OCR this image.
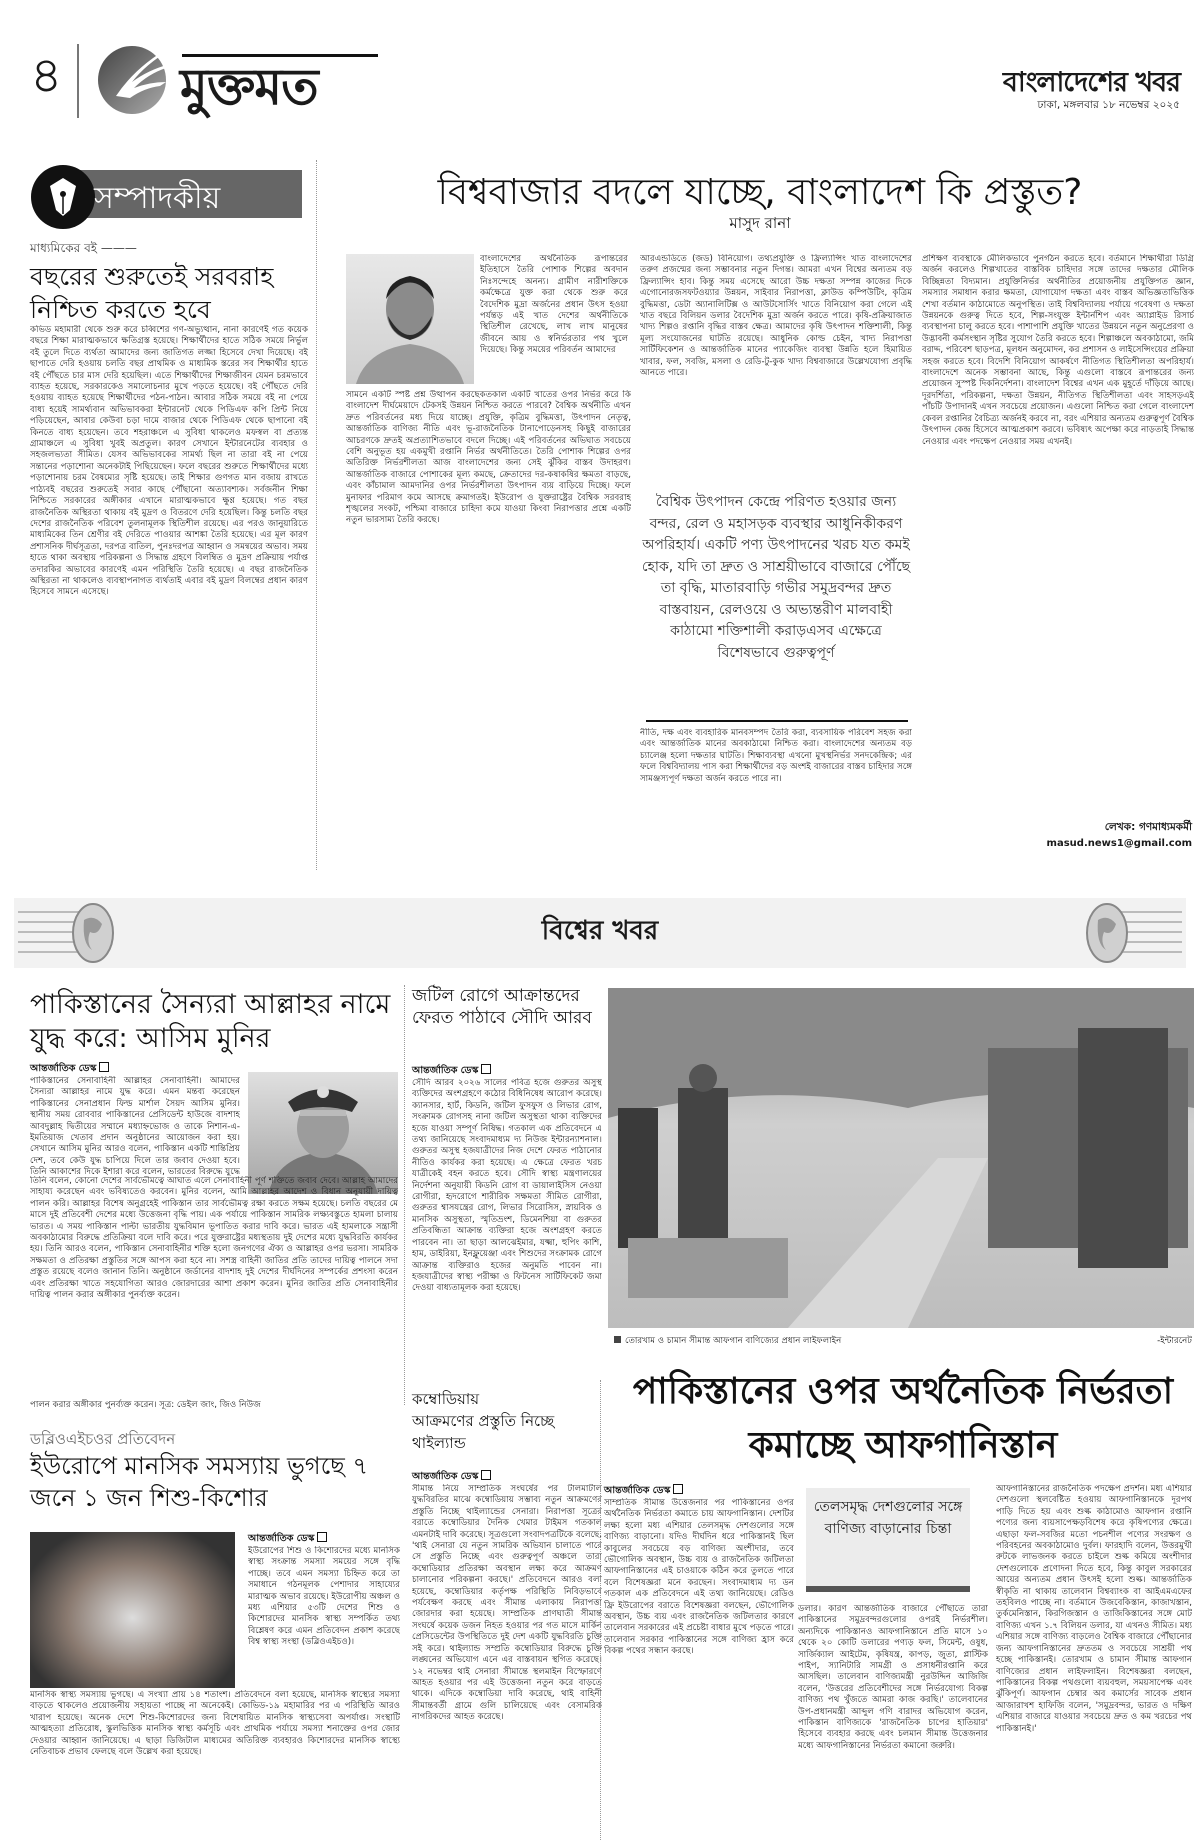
৪ মুক্তমত	বাংলাদেশের খবর
ঢাকা, মঙ্গলবার ১৮ নভেম্বর ২০২৫
সম্পাদকীয়
মাধ্যমিকের বই ———
বছরের শুরুতেই সরবরাহ নিশ্চিত করতে হবে
কভিড মহামারী থেকে শুরু করে চব্বিশের গণ-অভ্যুত্থান, নানা কারণেই গত কয়েক বছরে শিক্ষা মারাত্মকভাবে ক্ষতিগ্রস্ত হয়েছে। শিক্ষার্থীদের হাতে সঠিক সময়ে নির্ভুল বই তুলে দিতে ব্যর্থতা আমাদের জন্য জাতিগত লজ্জা হিসেবে দেখা দিয়েছে। বই ছাপাতে দেরি হওয়ায় চলতি বছর প্রাথমিক ও মাধ্যমিক স্তরের সব শিক্ষার্থীর হাতে বই পৌঁছতে চার মাস দেরি হয়েছিল। এতে শিক্ষার্থীদের শিক্ষাজীবন যেমন চরমভাবে ব্যাহত হয়েছে, সরকারকেও সমালোচনার মুখে পড়তে হয়েছে। বই পৌঁছতে দেরি হওয়ায় ব্যাহত হয়েছে শিক্ষার্থীদের পঠন-পাঠন। আবার সঠিক সময়ে বই না পেয়ে বাধ্য হয়েই সামর্থ্যবান অভিভাবকরা ইন্টারনেট থেকে পিডিএফ কপি প্রিন্ট নিয়ে পড়িয়েছেন, আবার কেউবা চড়া দামে বাজার থেকে পিডিএফ থেকে ছাপানো বই কিনতে বাধ্য হয়েছেন। তবে শহরাঞ্চলে এ সুবিধা থাকলেও মফস্বল বা প্রত্যন্ত গ্রামাঞ্চলে এ সুবিধা খুবই অপ্রতুল। কারণ সেখানে ইন্টারনেটের ব্যবহার ও সহজলভ্যতা সীমিত। যেসব অভিভাবকের সামর্থ্য ছিল না তারা বই না পেয়ে সন্তানের পড়াশোনা অনেকটাই পিছিয়েছেন। ফলে বছরের শুরুতে শিক্ষার্থীদের মধ্যে পড়াশোনায় চরম বৈষম্যের সৃষ্টি হয়েছে। তাই শিক্ষার গুণগত মান বজায় রাখতে পাঠ্যবই বছরের শুরুতেই সবার কাছে পৌঁছানো অত্যাবশ্যক। সর্বজনীন শিক্ষা নিশ্চিতে সরকারের অঙ্গীকার এখানে মারাত্মকভাবে ক্ষুণ্ণ হয়েছে। গত বছর রাজনৈতিক অস্থিরতা থাকায় বই মুদ্রণ ও বিতরণে দেরি হয়েছিল। কিন্তু চলতি বছর দেশের রাজনৈতিক পরিবেশ তুলনামূলক স্থিতিশীল রয়েছে। এর পরও জানুয়ারিতে মাধ্যমিকের তিন শ্রেণীর বই দেরিতে পাওয়ার আশঙ্কা তৈরি হয়েছে। এর মূল কারণ প্রশাসনিক দীর্ঘসূত্রতা, দরপত্র বাতিল, পুনঃদরপত্র আহ্বান ও সমন্বয়ের অভাব। সময় হাতে থাকা অবস্থায় পরিকল্পনা ও সিদ্ধান্ত গ্রহণে বিলম্বিত ও মুদ্রণ প্রক্রিয়ায় পর্যাপ্ত তদারকির অভাবের কারণেই এমন পরিস্থিতি তৈরি হয়েছে। এ বছর রাজনৈতিক অস্থিরতা না থাকলেও ব্যবস্থাপনাগত ব্যর্থতাই এবার বই মুদ্রণ বিলম্বের প্রধান কারণ হিসেবে সামনে এসেছে।
বিশ্ববাজার বদলে যাচ্ছে, বাংলাদেশ কি প্রস্তুত?
মাসুদ রানা
বাংলাদেশের অর্থনৈতিক রূপান্তরের ইতিহাসে তৈরি পোশাক শিল্পের অবদান নিঃসন্দেহে অনন্য। গ্রামীণ নারীশক্তিকে কর্মক্ষেত্রে যুক্ত করা থেকে শুরু করে বৈদেশিক মুদ্রা অর্জনের প্রধান উৎস হওয়া পর্যন্তড় এই খাত দেশের অর্থনীতিকে স্থিতিশীল রেখেছে, লাখ লাখ মানুষের জীবনে আয় ও স্বনির্ভরতার পথ খুলে দিয়েছে। কিন্তু সময়ের পরিবর্তন আমাদের
সামনে একটি স্পষ্ট প্রশ্ন উত্থাপন করছেকতকাল একটি খাতের ওপর নির্ভর করে কি বাংলাদেশ দীর্ঘমেয়াদে টেকসই উন্নয়ন নিশ্চিত করতে পারবে? বৈশ্বিক অর্থনীতি এখন দ্রুত পরিবর্তনের মধ্য দিয়ে যাচ্ছে। প্রযুক্তি, কৃত্রিম বুদ্ধিমত্তা, উৎপাদন নেতৃত্ব, আন্তর্জাতিক বাণিজ্য নীতি এবং ভূ-রাজনৈতিক টানাপোড়েনসহ কিছুই বাজারের আচরণকে দ্রুতই অপ্রত্যাশিতভাবে বদলে দিচ্ছে। এই পরিবর্তনের অভিঘাত সবচেয়ে বেশি অনুভূত হয় একমুখী রপ্তানি নির্ভর অর্থনীতিতে। তৈরি পোশাক শিল্পের ওপর অতিরিক্ত নির্ভরশীলতা আজ বাংলাদেশের জন্য সেই ঝুঁকির বাস্তব উদাহরণ। আন্তর্জাতিক বাজারে পোশাকের মূল্য কমছে, ক্রেতাদের দর-কষাকষির ক্ষমতা বাড়ছে, এবং কাঁচামাল আমদানির ওপর নির্ভরশীলতা উৎপাদন ব্যয় বাড়িয়ে দিচ্ছে। ফলে মুনাফার পরিমাণ কমে আসছে ক্রমাগতই। ইউরোপ ও যুক্তরাষ্ট্রের বৈশ্বিক সরবরাহ শৃঙ্খলের সংকট, পশ্চিমা বাজারে চাহিদা কমে যাওয়া কিংবা নিরাপত্তার প্রশ্নে একটি নতুন ভারসাম্য তৈরি করছে।
আরএন্ডডিতে (জড) বিনিয়োগ। তথ্যপ্রযুক্তি ও ফ্রিল্যান্সিং খাত বাংলাদেশের তরুণ প্রজন্মের জন্য সম্ভাবনার নতুন দিগন্ত। আমরা এখন বিশ্বের অন্যতম বড় ফ্রিল্যান্সিং হাব। কিন্তু সময় এসেছে আরো উচ্চ দক্ষতা সম্পন্ন কাজের দিকে এগোনোরজসফটওয়্যার উন্নয়ন, সাইবার নিরাপত্তা, ক্লাউড কম্পিউটিং, কৃত্রিম বুদ্ধিমত্তা, ডেটা অ্যানালিটিক্স ও আউটসোর্সিং খাতে বিনিয়োগ করা গেলে এই খাত বছরে বিলিয়ন ডলার বৈদেশিক মুদ্রা অর্জন করতে পারে। কৃষি-প্রক্রিয়াজাত খাদ্য শিল্পও রপ্তানি বৃদ্ধির বাস্তব ক্ষেত্র। আমাদের কৃষি উৎপাদন শক্তিশালী, কিন্তু মূল্য সংযোজনের ঘাটতি রয়েছে। আধুনিক কোল্ড চেইন, খাদ্য নিরাপত্তা সার্টিফিকেশন ও আন্তর্জাতিক মানের প্যাকেজিং ব্যবস্থা উন্নতি হলে হিমায়িত খাবার, ফল, সবজি, মসলা ও রেডি-টু-কুক খাদ্য বিশ্ববাজারে উল্লেখযোগ্য প্রবৃদ্ধি আনতে পারে।
বৈশ্বিক উৎপাদন কেন্দ্রে পরিণত হওয়ার জন্য বন্দর, রেল ও মহাসড়ক ব্যবস্থার আধুনিকীকরণ অপরিহার্য। একটি পণ্য উৎপাদনের খরচ যত কমই হোক, যদি তা দ্রুত ও সাশ্রয়ীভাবে বাজারে পৌঁছে তা বৃদ্ধি, মাতারবাড়ি গভীর সমুদ্রবন্দর দ্রুত বাস্তবায়ন, রেলওয়ে ও অভ্যন্তরীণ মালবাহী কাঠামো শক্তিশালী করাড়এসব এক্ষেত্রে বিশেষভাবে গুরুত্বপূর্ণ
নীতি, দক্ষ এবং ব্যবহারিক মানবসম্পদ তৈরি করা, ব্যবসায়িক পরিবেশ সহজ করা এবং আন্তর্জাতিক মানের অবকাঠামো নিশ্চিত করা। বাংলাদেশের অন্যতম বড় চ্যালেঞ্জ হলো দক্ষতার ঘাটতি। শিক্ষাব্যবস্থা এখনো মুখস্থনির্ভর সনদকেন্দ্রিক; এর ফলে বিশ্ববিদ্যালয় পাস করা শিক্ষার্থীদের বড় অংশই বাজারের বাস্তব চাহিদার সঙ্গে সামঞ্জস্যপূর্ণ দক্ষতা অর্জন করতে পারে না।
প্রশিক্ষণ ব্যবস্থাকে মৌলিকভাবে পুনর্গঠন করতে হবে। বর্তমানে শিক্ষার্থীরা ডিগ্রি অর্জন করলেও শিল্পখাতের বাস্তবিক চাহিদার সঙ্গে তাদের দক্ষতার মৌলিক বিচ্ছিন্নতা বিদ্যমান। প্রযুক্তিনির্ভর অর্থনীতির প্রয়োজনীয় প্রযুক্তিগত জ্ঞান, সমস্যার সমাধান করার ক্ষমতা, যোগাযোগ দক্ষতা এবং বাস্তব অভিজ্ঞতাভিত্তিক শেখা বর্তমান কাঠামোতে অনুপস্থিত। তাই বিশ্ববিদ্যালয় পর্যায়ে গবেষণা ও দক্ষতা উন্নয়নকে গুরুত্ব দিতে হবে, শিল্প-সংযুক্ত ইন্টার্নশিপ এবং অ্যাপ্লাইড রিসার্চ ব্যবস্থাপনা চালু করতে হবে। পাশাপাশি প্রযুক্তি খাতের উন্নয়নে নতুন অনুপ্রেরণা ও উদ্ভাবনী কর্মসংস্থান সৃষ্টির সুযোগ তৈরি করতে হবে। শিল্পাঞ্চলে অবকাঠামো, জমি বরাদ্দ, পরিবেশ ছাড়পত্র, মূলধন অনুমোদন, কর প্রশাসন ও লাইসেন্সিংয়ের প্রক্রিয়া সহজ করতে হবে। বিদেশি বিনিয়োগ আকর্ষণে নীতিগত স্থিতিশীলতা অপরিহার্য। বাংলাদেশে অনেক সম্ভাবনা আছে, কিন্তু এগুলো বাস্তবে রূপান্তরের জন্য প্রয়োজন সুস্পষ্ট দিকনির্দেশনা। বাংলাদেশ বিশ্বের এখন এক মুহূর্তে দাঁড়িয়ে আছে। দূরদর্শিতা, পরিকল্পনা, দক্ষতা উন্নয়ন, নীতিগত স্থিতিশীলতা এবং সাহসড়এই পাঁচটি উপাদানই এখন সবচেয়ে প্রয়োজন। এগুলো নিশ্চিত করা গেলে বাংলাদেশ কেবল রপ্তানির বৈচিত্র্য অর্জনই করবে না, বরং এশিয়ার অন্যতম গুরুত্বপূর্ণ বৈশ্বিক উৎপাদন কেন্দ্র হিসেবে আত্মপ্রকাশ করবে। ভবিষ্যৎ অপেক্ষা করে নাড়তাই সিদ্ধান্ত নেওয়ার এবং পদক্ষেপ নেওয়ার সময় এখনই।
লেখক: গণমাধ্যমকর্মী
masud.news1@gmail.com
বিশ্বের খবর
পাকিস্তানের সৈন্যরা আল্লাহর নামে যুদ্ধ করে: আসিম মুনির
আন্তর্জাতিক ডেস্ক
পাকিস্তানের সেনাবাহিনী আল্লাহর সেনাবাহিনী। আমাদের সৈন্যরা আল্লাহর নামে যুদ্ধ করে। এমন মন্তব্য করেছেন পাকিস্তানের সেনাপ্রধান ফিল্ড মার্শাল সৈয়দ আসিম মুনির। স্থানীয় সময় রোববার পাকিস্তানের প্রেসিডেন্ট হাউজে বাদশাহ আবদুল্লাহ দ্বিতীয়ের সম্মানে মধ্যাহ্নভোজ ও তাকে নিশান-এ-ইমতিয়াজ খেতাব প্রদান অনুষ্ঠানের আয়োজন করা হয়। সেখানে আসিম মুনির আরও বলেন, পাকিস্তান একটি শান্তিপ্রিয় দেশ, তবে কেউ যুদ্ধ চাপিয়ে দিলে তার জবাব দেওয়া হবে। তিনি আকাশের দিকে ইশারা করে বলেন, ভারতের বিরুদ্ধে যুদ্ধে
তিনি বলেন, কোনো দেশের সার্বভৌমত্বে আঘাত এলে সেনাবাহিনী পূর্ণ শক্তিতে জবাব দেবে। আল্লাহ আমাদের সাহায্য করেছেন এবং ভবিষ্যতেও করবেন। মুনির বলেন, আমি আল্লাহর আদেশ ও বিধান অনুযায়ী দায়িত্ব পালন করি। আল্লাহর বিশেষ অনুগ্রহেই পাকিস্তান তার সার্বভৌমত্ব রক্ষা করতে সক্ষম হয়েছে। চলতি বছরের মে মাসে দুই প্রতিবেশী দেশের মধ্যে উত্তেজনা বৃদ্ধি পায়। এক পর্যায়ে পাকিস্তান সামরিক লক্ষ্যবস্তুতে হামলা চালায় ভারত। এ সময় পাকিস্তান পাল্টা ভারতীয় যুদ্ধবিমান ভূপাতিত করার দাবি করে। ভারত এই হামলাকে সন্ত্রাসী অবকাঠামোর বিরুদ্ধে প্রতিক্রিয়া বলে দাবি করে। পরে যুক্তরাষ্ট্রের মধ্যস্থতায় দুই দেশের মধ্যে যুদ্ধবিরতি কার্যকর হয়। তিনি আরও বলেন, পাকিস্তান সেনাবাহিনীর শক্তি হলো জনগণের ঐক্য ও আল্লাহর ওপর ভরসা। সামরিক সক্ষমতা ও প্রতিরক্ষা প্রস্তুতির সঙ্গে আপস করা হবে না। সশস্ত্র বাহিনী জাতির প্রতি তাদের দায়িত্ব পালনে সদা প্রস্তুত রয়েছে বলেও জানান তিনি। অনুষ্ঠানে জর্ডানের বাদশাহ দুই দেশের দীর্ঘদিনের সম্পর্কের প্রশংসা করেন এবং প্রতিরক্ষা খাতে সহযোগিতা আরও জোরদারের আশা প্রকাশ করেন। মুনির জাতির প্রতি সেনাবাহিনীর দায়িত্ব পালন করার অঙ্গীকার পুনর্ব্যক্ত করেন।
পালন করার অঙ্গীকার পুনর্ব্যক্ত করেন। সূত্র: ডেইল জাং, জিও নিউজ
জটিল রোগে আক্রান্তদের ফেরত পাঠাবে সৌদি আরব
আন্তর্জাতিক ডেস্ক
সৌদি আরব ২০২৬ সালের পবিত্র হজে গুরুতর অসুস্থ ব্যক্তিদের অংশগ্রহণে কঠোর বিধিনিষেধ আরোপ করেছে। ক্যানসার, হার্ট, কিডনি, জটিল ফুসফুস ও লিভার রোগ, সংক্রামক রোগসহ নানা জটিল অসুস্থতা থাকা ব্যক্তিদের হজে যাওয়া সম্পূর্ণ নিষিদ্ধ। গতকাল এক প্রতিবেদনে এ তথ্য জানিয়েছে সংবাদমাধ্যম দ্য নিউজ ইন্টারন্যাশনাল। গুরুতর অসুস্থ হজযাত্রীদের নিজ দেশে ফেরত পাঠানোর নীতিও কার্যকর করা হয়েছে। এ ক্ষেত্রে ফেরত খরচ যাত্রীকেই বহন করতে হবে। সৌদি স্বাস্থ্য মন্ত্রণালয়ের নির্দেশনা অনুযায়ী কিডনি রোগ বা ডায়ালাইসিস নেওয়া রোগীরা, হৃদরোগে শারীরিক সক্ষমতা সীমিত রোগীরা, গুরুতর শ্বাসযন্ত্রের রোগ, লিভার সিরোসিস, স্নায়বিক ও মানসিক অসুস্থতা, স্মৃতিভ্রংশ, ডিমেনশিয়া বা গুরুতর প্রতিবন্ধিতা আক্রান্ত ব্যক্তিরা হজে অংশগ্রহণ করতে পারবেন না। তা ছাড়া আলঝেইমার, যক্ষ্মা, হুপিং কাশি, হাম, ডাইরিয়া, ইনফ্লুয়েঞ্জা এবং শিশুদের সংক্রামক রোগে আক্রান্ত ব্যক্তিরাও হজের অনুমতি পাবেন না। হজযাত্রীদের স্বাস্থ্য পরীক্ষা ও ফিটনেস সার্টিফিকেট জমা দেওয়া বাধ্যতামূলক করা হয়েছে।
তোরখাম ও চামান সীমান্ত আফগান বাণিজ্যের প্রধান লাইফলাইন	-ইন্টারনেট
কম্বোডিয়ায়
আক্রমণের প্রস্তুতি নিচ্ছে থাইল্যান্ড
আন্তর্জাতিক ডেস্ক
সীমান্ত নিয়ে সাম্প্রতিক সংঘর্ষের পর টালমাটাল যুদ্ধবিরতির মাঝে কম্বোডিয়ায় সম্ভাব্য নতুন আক্রমণের প্রস্তুতি নিচ্ছে থাইল্যান্ডের সেনারা। নিরাপত্তা সূত্রের বরাতে কম্বোডিয়ার দৈনিক খেমার টাইমস গতকাল এমনটাই দাবি করেছে। সূত্রগুলো সংবাদপত্রটিকে বলেছে, 'থাই সেনারা যে নতুন সামরিক অভিযান চালাতে পারে সে প্রস্তুতি নিচ্ছে এবং গুরুত্বপূর্ণ অঞ্চলে তারা কম্বোডিয়ার প্রতিরক্ষা অবস্থান লক্ষ্য করে আক্রমণ চালানোর পরিকল্পনা করছে।' প্রতিবেদনে আরও বলা হয়েছে, কম্বোডিয়ার কর্তৃপক্ষ পরিস্থিতি নিবিড়ভাবে পর্যবেক্ষণ করছে এবং সীমান্ত এলাকায় নিরাপত্তা জোরদার করা হয়েছে। সাম্প্রতিক প্রাণঘাতী সীমান্ত সংঘর্ষে কয়েক ডজন নিহত হওয়ার পর গত মাসে মার্কিন প্রেসিডেন্টের উপস্থিতিতে দুই দেশ একটি যুদ্ধবিরতি চুক্তি সই করে। থাইল্যান্ড সম্প্রতি কম্বোডিয়ার বিরুদ্ধে চুক্তি লঙ্ঘনের অভিযোগ এনে এর বাস্তবায়ন স্থগিত করেছে। ১২ নভেম্বর থাই সেনারা সীমান্তে স্থলমাইন বিস্ফোরণে আহত হওয়ার পর এই উত্তেজনা নতুন করে বাড়তে থাকে। এদিকে কম্বোডিয়া দাবি করেছে, থাই বাহিনী সীমান্তবর্তী গ্রামে গুলি চালিয়েছে এবং বেসামরিক নাগরিকদের আহত করেছে।
পাকিস্তানের ওপর অর্থনৈতিক নির্ভরতা কমাচ্ছে আফগানিস্তান
আন্তর্জাতিক ডেস্ক
সাম্প্রতিক সীমান্ত উত্তেজনার পর পাকিস্তানের ওপর অর্থনৈতিক নির্ভরতা কমাতে চায় আফগানিস্তান। দেশটির লক্ষ্য হলো মধ্য এশিয়ার তেলসমৃদ্ধ দেশগুলোর সঙ্গে বাণিজ্য বাড়ানো। যদিও দীর্ঘদিন ধরে পাকিস্তানই ছিল কাবুলের সবচেয়ে বড় বাণিজ্য অংশীদার, তবে ভৌগোলিক অবস্থান, উচ্চ ব্যয় ও রাজনৈতিক জটিলতা আফগানিস্তানের এই চাওয়াকে কঠিন করে তুলতে পারে বলে বিশেষজ্ঞরা মনে করছেন। সংবাদমাধ্যম দ্য ডন গতকাল এক প্রতিবেদনে এই তথ্য জানিয়েছে। রেডিও ফ্রি ইউরোপের বরাতে বিশেষজ্ঞরা বলছেন, ভৌগোলিক অবস্থান, উচ্চ ব্যয় এবং রাজনৈতিক জটিলতার কারণে তালেবান সরকারের এই প্রচেষ্টা বাধার মুখে পড়তে পারে। তালেবান সরকার পাকিস্তানের সঙ্গে বাণিজ্য হ্রাস করে বিকল্প পথের সন্ধান করছে।
তেলসমৃদ্ধ দেশগুলোর সঙ্গে বাণিজ্য বাড়ানোর চিন্তা
ডলার। কারণ আন্তর্জাতিক বাজারে পৌঁছাতে তারা পাকিস্তানের সমুদ্রবন্দরগুলোর ওপরই নির্ভরশীল। অন্যদিকে পাকিস্তানও আফগানিস্তানে প্রতি মাসে ১০ থেকে ২০ কোটি ডলারের পণ্যড় ফল, সিমেন্ট, ওষুধ, সার্জিক্যাল আইটেম, কৃষিযন্ত্র, কাপড়, জুতা, প্লাস্টিক পাইপ, স্যানিটারি সামগ্রী ও প্রসাধনীরপ্তানি করে আসছিল। তালেবান বাণিজ্যমন্ত্রী নুরউদ্দিন আজিজি বলেন, 'উত্তরের প্রতিবেশীদের সঙ্গে নির্ভরযোগ্য বিকল্প বাণিজ্য পথ খুঁজতে আমরা কাজ করছি।' তালেবানের উপ-প্রধানমন্ত্রী আব্দুল গণি বারাদর অভিযোগ করেন, পাকিস্তান বাণিজ্যকে 'রাজনৈতিক চাপের হাতিয়ার' হিসেবে ব্যবহার করছে এবং চলমান সীমান্ত উত্তেজনার মধ্যে আফগানিস্তানের নির্ভরতা কমানো জরুরি।
আফগানিস্তানের রাজনৈতিক পদক্ষেপ প্রদর্শন। মধ্য এশিয়ার দেশগুলো স্থলবেষ্টিত হওয়ায় আফগানিস্তানকে দূরপথ পাড়ি দিতে হয় এবং শুল্ক কাঠামোও আফগান রপ্তানি পণ্যের জন্য ব্যয়সাপেক্ষড়বিশেষ করে কৃষিপণ্যের ক্ষেত্রে। এছাড়া ফল-সবজির মতো পচনশীল পণ্যের সংরক্ষণ ও পরিবহনের অবকাঠামোও দুর্বল। ফারহাদি বলেন, উত্তরমুখী রুটকে লাভজনক করতে চাইলে শুল্ক কমিয়ে অংশীদার দেশগুলোকে প্রণোদনা দিতে হবে, কিন্তু কাবুল সরকারের আয়ের অন্যতম প্রধান উৎসই হলো শুল্ক। আন্তর্জাতিক স্বীকৃতি না থাকায় তালেবান বিশ্বব্যাংক বা আইএমএফের তহবিলও পাচ্ছে না। বর্তমানে উজবেকিস্তান, কাজাখস্তান, তুর্কমেনিস্তান, কিরগিজস্তান ও তাজিকিস্তানের সঙ্গে মোট বাণিজ্য এখন ১.৭ বিলিয়ন ডলার, যা এখনও সীমিত। মধ্য এশিয়ার সঙ্গে বাণিজ্য বাড়লেও বৈশ্বিক বাজারে পৌঁছানোর জন্য আফগানিস্তানের দ্রুততম ও সবচেয়ে সাশ্রয়ী পথ হচ্ছে পাকিস্তানই। তোরখাম ও চামান সীমান্ত আফগান বাণিজ্যের প্রধান লাইফলাইন। বিশেষজ্ঞরা বলছেন, পাকিস্তানের বিকল্প পথগুলো ব্যয়বহুল, সময়সাপেক্ষ এবং ঝুঁকিপূর্ণ। আফগান চেম্বার অব কমার্সের সাবেক প্রধান আজারাখশ হাফিজি বলেন, 'সমুদ্রবন্দর, ভারত ও দক্ষিণ এশিয়ার বাজারে যাওয়ার সবচেয়ে দ্রুত ও কম খরচের পথ পাকিস্তানই।'
ডব্লিওএইচওর প্রতিবেদন
ইউরোপে মানসিক সমস্যায় ভুগছে ৭ জনে ১ জন শিশু-কিশোর
আন্তর্জাতিক ডেস্ক
ইউরোপের শিশু ও কিশোরদের মধ্যে মানসিক স্বাস্থ্য সংক্রান্ত সমস্যা সময়ের সঙ্গে বৃদ্ধি পাচ্ছে। তবে এমন সমস্যা চিহ্নিত করে তা সমাধানে গঠনমূলক পেশাদার সাহায্যের মারাত্মক অভাব রয়েছে। ইউরোপীয় অঞ্চল ও মধ্য এশিয়ার ৫৩টি দেশের শিশু ও কিশোরদের মানসিক স্বাস্থ্য সম্পর্কিত তথ্য বিশ্লেষণ করে এমন প্রতিবেদন প্রকাশ করেছে বিশ্ব স্বাস্থ্য সংস্থা (ডব্লিওএইচও)।
মানসিক স্বাস্থ্য সমস্যায় ভুগছে। এ সংখ্যা প্রায় ১৪ শতাংশ। প্রতিবেদনে বলা হয়েছে, মানসিক স্বাস্থ্যের সমস্যা বাড়তে থাকলেও প্রয়োজনীয় সহায়তা পাচ্ছে না অনেকেই। কোভিড-১৯ মহামারির পর এ পরিস্থিতি আরও খারাপ হয়েছে। অনেক দেশে শিশু-কিশোরদের জন্য বিশেষায়িত মানসিক স্বাস্থ্যসেবা অপর্যাপ্ত। সংস্থাটি আত্মহত্যা প্রতিরোধ, স্কুলভিত্তিক মানসিক স্বাস্থ্য কর্মসূচি এবং প্রাথমিক পর্যায়ে সমস্যা শনাক্তের ওপর জোর দেওয়ার আহ্বান জানিয়েছে। এ ছাড়া ডিজিটাল মাধ্যমের অতিরিক্ত ব্যবহারও কিশোরদের মানসিক স্বাস্থ্যে নেতিবাচক প্রভাব ফেলছে বলে উল্লেখ করা হয়েছে।
